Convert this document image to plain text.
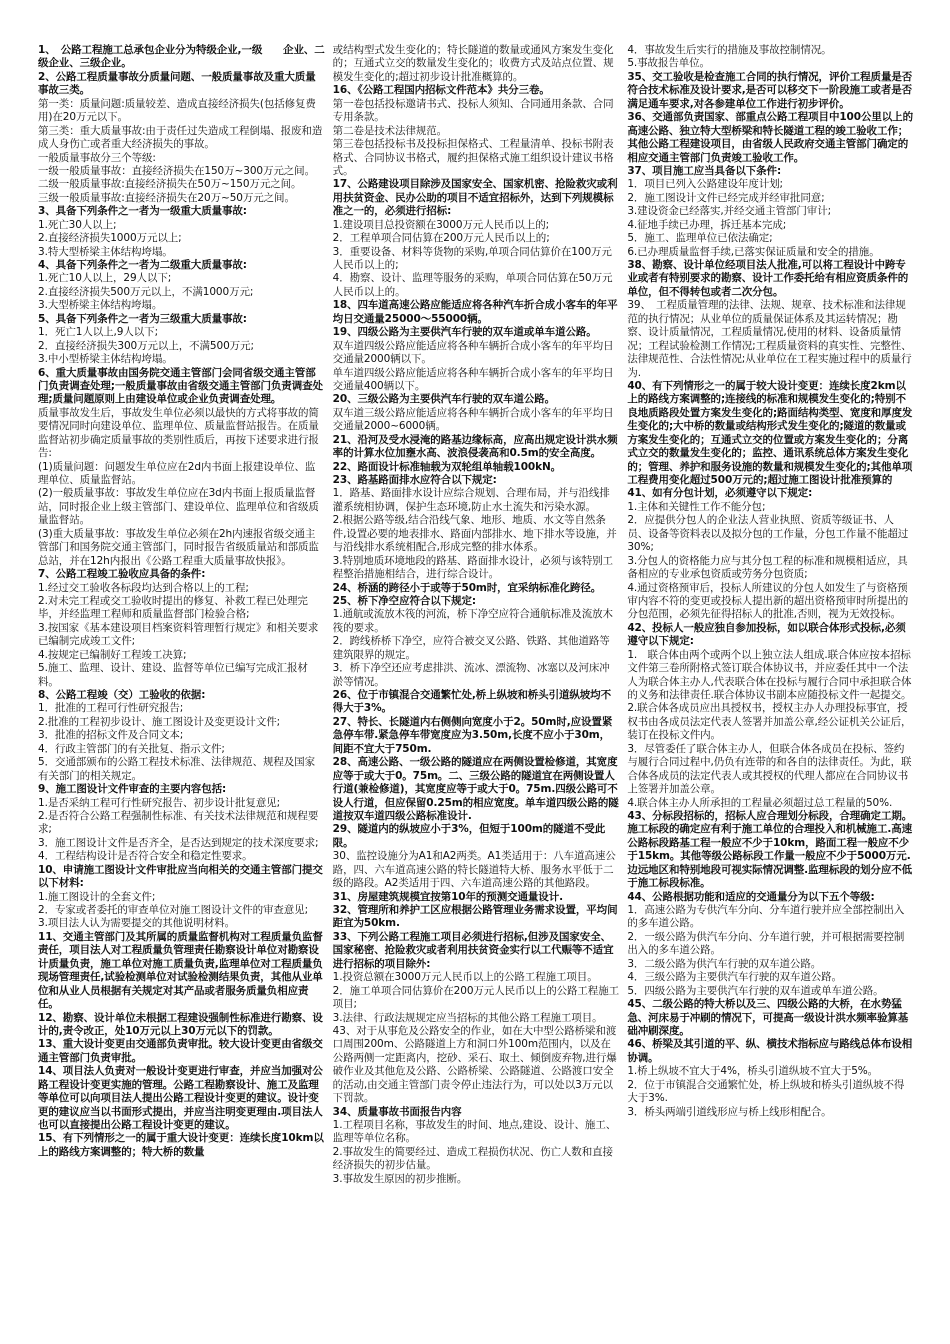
1、　公路工程施工总承包企业分为特级企业,一级　　企业、二级企业、三级企业。

2、公路工程质量事故分质量问题、一般质量事故及重大质量事故三类。

第一类：质量问题:质量较差、造成直接经济损失(包括修复费用)在20万元以下。

第三类：重大质量事故:由于责任过失造成工程倒塌、报废和造成人身伤亡或者重大经济损失的事故。

一般质量事故分三个等级:

一级一般质量事故：直接经济损失在150万~300万元之间。

二级一般质量事故:直接经济损失在50万~150万元之间。

三级一般质量事故:直接经济损失在20万~50万元之间。

3、具备下列条件之一者为一级重大质量事故:

1.死亡30人以上;

2.直接经济损失1000万元以上;

3.特大型桥梁主体结构垮塌。

4、具备下列条件之一者为二级重大质量事故:

1.死亡10人以上，29人以下;

2.直接经济损失500万元以上，不满1000万元;

3.大型桥梁主体结构垮塌。

5、具备下列条件之一者为三级重大质量事故:

1．死亡1人以上,9人以下;

2．直接经济损失300万元以上，不满500万元;

3.中小型桥梁主体结构垮塌。

6、重大质量事故由国务院交通主管部门会同省级交通主管部门负责调查处理;一般质量事故由省级交通主管部门负责调查处理;质量问题原则上由建设单位或企业负责调查处理。

质量事故发生后，事故发生单位必须以最快的方式将事故的简要情况同时向建设单位、监理单位、质量监督站报告。在质量监督站初步确定质量事故的类别性质后，再按下述要求进行报告:

(1)质量问题：问题发生单位应在2d内书面上报建设单位、监理单位、质量监督站。

(2)一般质量事故：事故发生单位应在3d内书面上报质量监督站，同时报企业上级主管部门、建设单位、监理单位和省级质量监督站。

(3)重大质量事故：事故发生单位必须在2h内速报省级交通主管部门和国务院交通主管部门，同时报告省级质量站和部质监总站，并在12h内报出《公路工程重大质量事故快报》。

7、公路工程竣工验收应具备的条件:

1.经过交工验收各标段均达到合格以上的工程;

2.对未完工程或交工验收时提出的修复、补救工程已处理完毕，并经监理工程师和质量监督部门检验合格;

3.按国家《基本建设项目档案资料管理暂行规定》和相关要求已编制完成竣工文件;

4.按规定已编制好工程竣工决算;

5.施工、监理、设计、建设、监督等单位已编写完成汇报材料。

8、公路工程竣（交）工验收的依据:

1．批准的工程可行性研究报告;

2.批准的工程初步设计、施工图设计及变更设计文件;

3．批准的招标文件及合同文本;

4．行政主管部门的有关批复、指示文件;

5．交通部颁布的公路工程技术标准、法律规范、规程及国家有关部门的相关规定。

9、施工图设计文件审查的主要内容包括:

1.是否采纳工程可行性研究报告、初步设计批复意见;

2.是否符合公路工程强制性标准、有关技术法律规范和规程要求;

3．施工图设计文件是否齐全，是否达到规定的技术深度要求;

4．工程结构设计是否符合安全和稳定性要求。

10、申请施工图设计文件审批应当向相关的交通主管部门提交以下材料:

1.施工图设计的全套文件;

2．专家或者委托的审查单位对施工图设计文件的审查意见;

3.项目法人认为需要提交的其他说明材料。

11、交通主管部门及其所属的质量监督机构对工程质量负监督责任，项目法人对工程质量负管理责任勘察设计单位对勘察设计质量负责，施工单位对施工质量负责,监理单位对工程质量负现场管理责任,试验检测单位对试验检测结果负责，其他从业单位和从业人员根据有关规定对其产品或者服务质量负相应责任。

12、勘察、设计单位未根据工程建设强制性标准进行勘察、设计的,责令改正，处10万元以上30万元以下的罚款。

13、重大设计变更由交通部负责审批。较大设计变更由省级交通主管部门负责审批。

14、项目法人负责对一般设计变更进行审查，并应当加强对公路工程设计变更实施的管理。公路工程勘察设计、施工及监理等单位可以向项目法人提出公路工程设计变更的建议。设计变更的建议应当以书面形式提出，并应当注明变更理由.项目法人也可以直接提出公路工程设计变更的建议。

15、有下列情形之一的属于重大设计变更：连续长度10km以上的路线方案调整的；特大桥的数量

或结构型式发生变化的；特长隧道的数量或通风方案发生变化的；互通式立交的数量发生变化的；收费方式及站点位置、规模发生变化的;超过初步设计批准概算的。

16、《公路工程国内招标文件范本》共分三卷。

第一卷包括投标邀请书式、投标人须知、合同通用条款、合同专用条款。

第二卷是技术法律规范。

第三卷包括投标书及投标担保格式、工程量清单、投标书附表格式、合同协议书格式，履约担保格式施工组织设计建议书格式。

17、公路建设项目除涉及国家安全、国家机密、抢险救灾或利用扶贫资金、民办公助的项目不适宜招标外，达到下列规模标准之一的，必须进行招标:

1.建设项目总投资额在3000万元人民币以上的;

2．工程单项合同估算在200万元人民币以上的;

3．重要设备、材料等货物的采购,单项合同估算价在100万元人民币以上的;

4．勘察、设计、监理等服务的采购，单项合同估算在50万元人民币以上的。

18、四车道高速公路应能适应将各种汽车折合成小客车的年平均日交通量25000～55000辆。

19、四级公路为主要供汽车行驶的双车道或单车道公路。

双车道四级公路应能适应将各种车辆折合成小客车的年平均日交通量2000辆以下。

单车道四级公路应能适应将各种车辆折合成小客车的年平均日交通量400辆以下。

20、三级公路为主要供汽车行驶的双车道公路。

双车道三级公路应能适应将各种车辆折合成小客车的年平均日交通量2000~6000辆。

21、沿河及受水浸淹的路基边缘标高，应高出规定设计洪水频率的计算水位加壅水高、波浪侵袭高和0.5m的安全高度。

22、路面设计标准轴载为双轮组单轴载100kN。

23、路基路面排水应符合以下规定:

1．路基、路面排水设计应综合规划、合理布局，并与沿线排灌系统相协调，保护生态环境,防止水土流失和污染水源。

2.根据公路等级,结合沿线气象、地形、地质、水文等自然条件,设置必要的地表排水、路面内部排水、地下排水等设施，并与沿线排水系统相配合,形成完整的排水体系。

3.特别地质环境地段的路基、路面排水设计，必须与该特别工程整治措施相结合，进行综合设计。

24、桥涵的跨径小于或等于50m时，宜采纳标准化跨径。

25、桥下净空应符合以下规定:

1.通航或流放木筏的河流，桥下净空应符合通航标准及流放木筏的要求。

2．跨线桥桥下净空，应符合被交叉公路、铁路、其他道路等建筑限界的规定。

3．桥下净空还应考虑排洪、流冰、漂流物、冰塞以及河床冲淤等情况。

26、位于市镇混合交通繁忙处,桥上纵坡和桥头引道纵坡均不得大于3%。

27、特长、长隧道内右侧侧向宽度小于2。50m时,应设置紧急停车带.紧急停车带宽度应为3.50m,长度不应小于30m，间距不宜大于750m.

28、高速公路、一级公路的隧道应在两侧设置检修道，其宽度应等于或大于0。75m。二、三级公路的隧道宜在两侧设置人行道(兼检修道)，其宽度应等于或大于0。75m.四级公路可不设人行道，但应保留0.25m的相应宽度。单车道四级公路的隧道按双车道四级公路标准设计.

29、隧道内的纵坡应小于3%，但短于100m的隧道不受此限。

30、监控设施分为A1和A2两类。A1类适用于：八车道高速公路，四、六车道高速公路的特长隧道特大桥、服务水平低于二级的路段。A2类适用于四、六车道高速公路的其他路段。

31、房屋建筑规模宜按第10年的预测交通量设计.

32、管理所和养护工区应根据公路管理业务需求设置，平均间距宜为50km.

33、下列公路工程施工项目必须进行招标,但涉及国家安全、国家秘密、抢险救灾或者利用扶贫资金实行以工代赈等不适宜进行招标的项目除外:

1.投资总额在3000万元人民币以上的公路工程施工项目。

2．施工单项合同估算价在200万元人民币以上的公路工程施工项目;

3.法律、行政法规规定应当招标的其他公路工程施工项目。

43、对于从事危及公路安全的作业，如在大中型公路桥梁和渡口周围200m、公路隧道上方和洞口外100m范围内，以及在公路两侧一定距离内，挖砂、采石、取土、倾倒废弃物,进行爆破作业及其他危及公路、公路桥梁、公路隧道、公路渡口安全的活动,由交通主管部门责令停止违法行为，可以处以3万元以下罚款。

34、质量事故书面报告内容

1.工程项目名称，事故发生的时间、地点,建设、设计、施工、监理等单位名称。

2.事故发生的简要经过、造成工程损伤状况、伤亡人数和直接经济损失的初步估量。

3.事故发生原因的初步推断。

4．事故发生后实行的措施及事故控制情况。

5.事故报告单位。

35、交工验收是检查施工合同的执行情况，评价工程质量是否符合技术标准及设计要求,是否可以移交下一阶段施工或者是否满足通车要求,对各参建单位工作进行初步评价。

36、交通部负责国家、部重点公路工程项目中100公里以上的高速公路、独立特大型桥梁和特长隧道工程的竣工验收工作；其他公路工程建设项目，由省级人民政府交通主管部门确定的相应交通主管部门负责竣工验收工作。

37、项目施工应当具备以下条件:

1．项目已列入公路建设年度计划;

2．施工图设计文件已经完成并经审批同意;

3.建设资金已经落实,并经交通主管部门审计;

4.征地手续已办理，拆迁基本完成;

5．施工、监理单位已依法确定;

6.已办理质量监督手续,已落实保证质量和安全的措施。

38、勘察、设计单位经项目法人批准,可以将工程设计中跨专业或者有特别要求的勘察、设计工作委托给有相应资质条件的单位，但不得转包或者二次分包。

39、　工程质量管理的法律、法规、规章、技术标准和法律规范的执行情况；从业单位的质量保证体系及其运转情况；勘察、设计质量情况，工程质量情况,使用的材料、设备质量情况；工程试验检测工作情况;工程质量资料的真实性、完整性、法律规范性、合法性情况;从业单位在工程实施过程中的质量行为.

40、有下列情形之一的属于较大设计变更：连续长度2km以上的路线方案调整的;连接线的标准和规模发生变化的;特别不良地质路段处置方案发生变化的;路面结构类型、宽度和厚度发生变化的;大中桥的数量或结构形式发生变化的;隧道的数量或方案发生变化的；互通式立交的位置或方案发生变化的；分离式立交的数量发生变化的；监控、通讯系统总体方案发生变化的；管理、养护和服务设施的数量和规模发生变化的;其他单项工程费用变化超过500万元的;超过施工图设计批准预算的

41、如有分包计划，必须遵守以下规定:

1.主体和关键性工作不能分包;

2．应提供分包人的企业法人营业执照、资质等级证书、人员、设备等资料表以及拟分包的工作量，分包工作量不能超过30%;

3.分包人的资格能力应与其分包工程的标准和规模相适应，具备相应的专业承包资质或劳务分包资质;

4.通过资格预审后，投标人所建议的分包人如发生了与资格预审内容不符的变更或投标人提出新的超出资格预审时所提出的分包范围，必须先征得招标人的批准,否则，视为无效投标。

42、投标人一般应独自参加投标，如以联合体形式投标,必须遵守以下规定:

1.　联合体由两个或两个以上独立法人组成.联合体应按本招标文件第三卷所附格式签订联合体协议书，并应委任其中一个法人为联合体主办人,代表联合体在投标与履行合同中承担联合体的义务和法律责任.联合体协议书副本应随投标文件一起提交。

2.联合体各成员应出具授权书，授权主办人办理投标事宜，授权书由各成员法定代表人签署并加盖公章,经公证机关公证后，装订在投标文件内。

3．尽管委任了联合体主办人，但联合体各成员在投标、签约与履行合同过程中,仍负有连带的和各自的法律责任。为此，联合体各成员的法定代表人或其授权的代理人都应在合同协议书上签署并加盖公章。

4.联合体主办人所承担的工程量必须超过总工程量的50%.

43、分标段招标的，招标人应合理划分标段，合理确定工期。施工标段的确定应有利于施工单位的合理投入和机械施工.高速公路标段路基工程一般应不少于10km，路面工程一般应不少于15km。其他等级公路标段工作量一般应不少于5000万元.边远地区和特别地段可视实际情况调整.监理标段的划分应不低于施工标段标准。

44、公路根据功能和适应的交通量分为以下五个等级:

1．高速公路为专供汽车分向、分车道行驶并应全部控制出入的多车道公路。

2．一级公路为供汽车分向、分车道行驶，并可根据需要控制出入的多车道公路。

3．二级公路为供汽车行驶的双车道公路。

4．三级公路为主要供汽车行驶的双车道公路。

5．四级公路为主要供汽车行驶的双车道或单车道公路。

45、二级公路的特大桥以及三、四级公路的大桥，在水势猛急、河床易于冲刷的情况下，可提高一级设计洪水频率验算基础冲刷深度。

46、桥梁及其引道的平、纵、横技术指标应与路线总体布设相协调。

1.桥上纵坡不宜大于4%，桥头引道纵坡不宜大于5%。

2．位于市镇混合交通繁忙处，桥上纵坡和桥头引道纵坡不得大于3%.

3．桥头两端引道线形应与桥上线形相配合。
